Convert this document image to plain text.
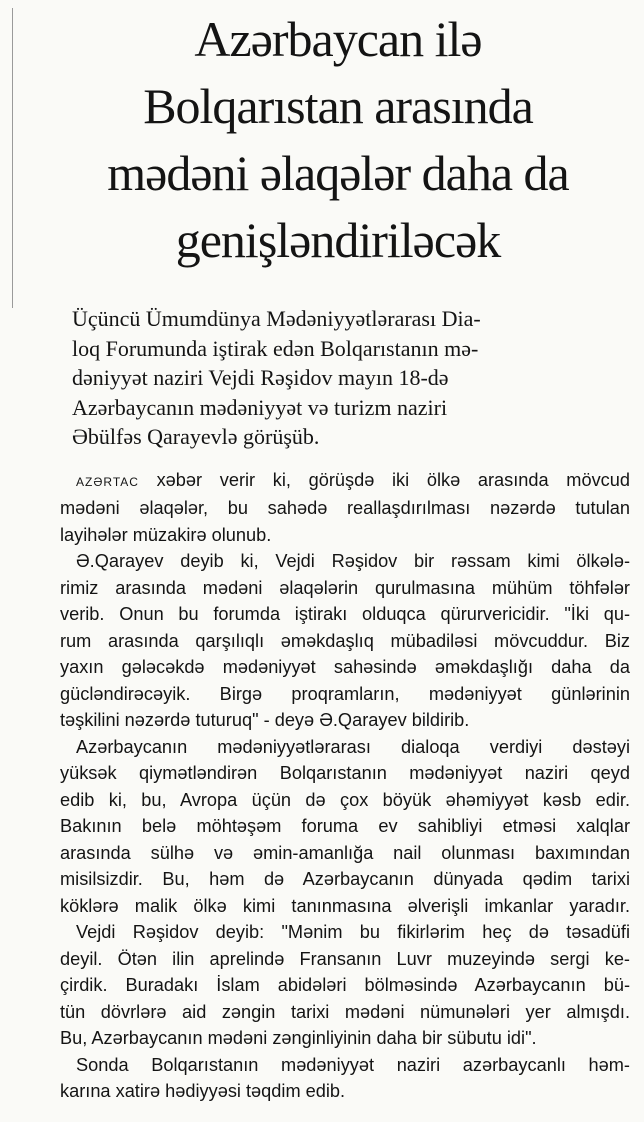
Azərbaycan ilə
Bolqarıstan arasında
mədəni əlaqələr daha da
genişləndiriləcək
Üçüncü Ümumdünya Mədəniyyətlərarası Dia-
loq Forumunda iştirak edən Bolqarıstanın mə-
dəniyyət naziri Vejdi Rəşidov mayın 18-də
Azərbaycanın mədəniyyət və turizm naziri
Əbülfəs Qarayevlə görüşüb.
AZƏRTAC xəbər verir ki, görüşdə iki ölkə arasında mövcud
mədəni əlaqələr, bu sahədə reallaşdırılması nəzərdə tutulan
layihələr müzakirə olunub.
Ə.Qarayev deyib ki, Vejdi Rəşidov bir rəssam kimi ölkələ-
rimiz arasında mədəni əlaqələrin qurulmasına mühüm töhfələr
verib. Onun bu forumda iştirakı olduqca qürurvericidir. "İki qu-
rum arasında qarşılıqlı əməkdaşlıq mübadiləsi mövcuddur. Biz
yaxın gələcəkdə mədəniyyət sahəsində əməkdaşlığı daha da
gücləndirəcəyik. Birgə proqramların, mədəniyyət günlərinin
təşkilini nəzərdə tuturuq" - deyə Ə.Qarayev bildirib.
Azərbaycanın mədəniyyətlərarası dialoqa verdiyi dəstəyi
yüksək qiymətləndirən Bolqarıstanın mədəniyyət naziri qeyd
edib ki, bu, Avropa üçün də çox böyük əhəmiyyət kəsb edir.
Bakının belə möhtəşəm foruma ev sahibliyi etməsi xalqlar
arasında sülhə və əmin-amanlığa nail olunması baxımından
misilsizdir. Bu, həm də Azərbaycanın dünyada qədim tarixi
köklərə malik ölkə kimi tanınmasına əlverişli imkanlar yaradır.
Vejdi Rəşidov deyib: "Mənim bu fikirlərim heç də təsadüfi
deyil. Ötən ilin aprelində Fransanın Luvr muzeyində sergi ke-
çirdik. Buradakı İslam abidələri bölməsində Azərbaycanın bü-
tün dövrlərə aid zəngin tarixi mədəni nümunələri yer almışdı.
Bu, Azərbaycanın mədəni zənginliyinin daha bir sübutu idi".
Sonda Bolqarıstanın mədəniyyət naziri azərbaycanlı həm-
karına xatirə hədiyyəsi təqdim edib.
